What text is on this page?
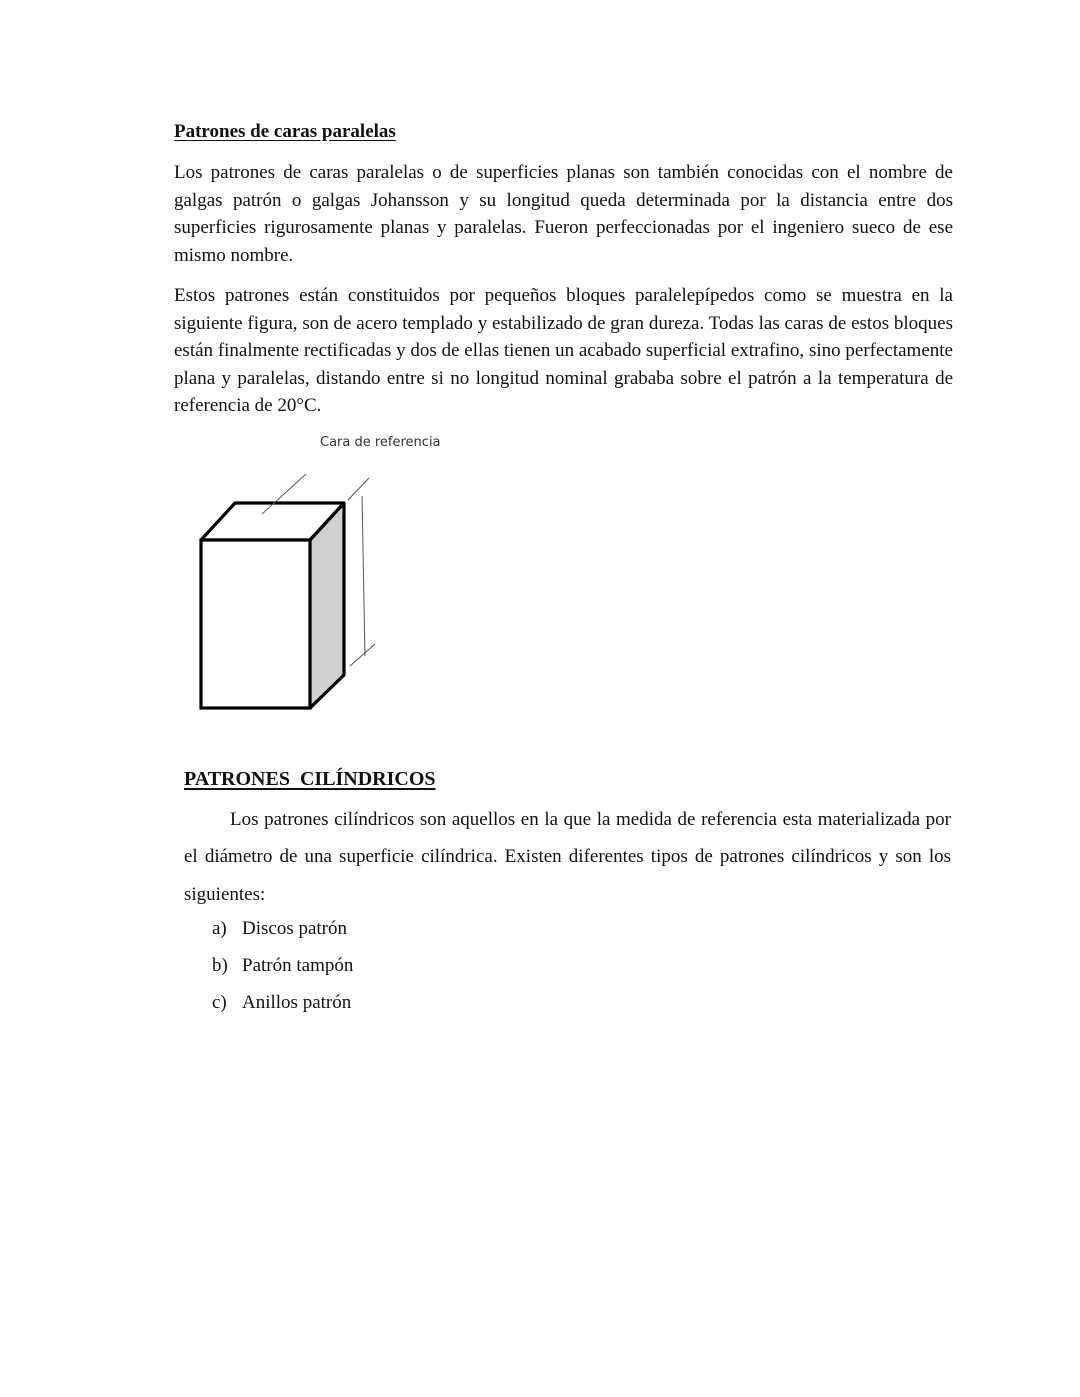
Patrones de caras paralelas

Los patrones de caras paralelas o de superficies planas son también conocidas con el nombre de galgas patrón o galgas Johansson y su longitud queda determinada por la distancia entre dos superficies rigurosamente planas y paralelas. Fueron perfeccionadas por el ingeniero sueco de ese mismo nombre.

Estos patrones están constituidos por pequeños bloques paralelepípedos como se muestra en la siguiente figura, son de acero templado y estabilizado de gran dureza. Todas las caras de estos bloques están finalmente rectificadas y dos de ellas tienen un acabado superficial extrafino, sino perfectamente plana y paralelas, distando entre si no longitud nominal grababa sobre el patrón a la temperatura de referencia de 20°C.

Cara de referencia
PATRONES  CILÍNDRICOS

Los patrones cilíndricos son aquellos en la que la medida de referencia esta materializada por el diámetro de una superficie cilíndrica. Existen diferentes tipos de patrones cilíndricos y son los siguientes:

a) Discos patrón
b) Patrón tampón
c) Anillos patrón
